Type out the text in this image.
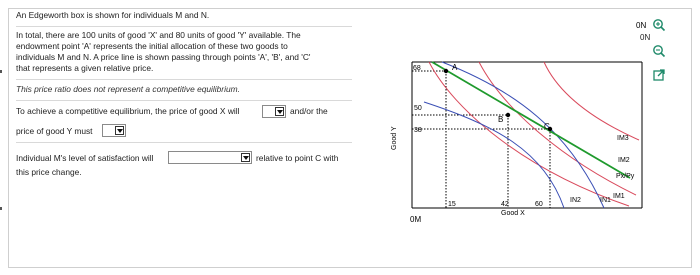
An Edgeworth box is shown for individuals M and N.
In total, there are 100 units of good 'X' and 80 units of good 'Y' available. The
endowment point 'A' represents the initial allocation of these two goods to
individuals M and N. A price line is shown passing through points 'A', 'B', and 'C'
that represents a given relative price.
This price ratio does not represent a competitive equilibrium.
To achieve a competitive equilibrium, the price of good X will	and/or the
price of good Y must
Individual M's level of satisfaction will	relative to point C with
this price change.
A
B
C
68
50
38
15	42	60
Good X
Good Y
0M
0N
IM3
IM2
IM1
IN2	IN1
Px/Py
0N
